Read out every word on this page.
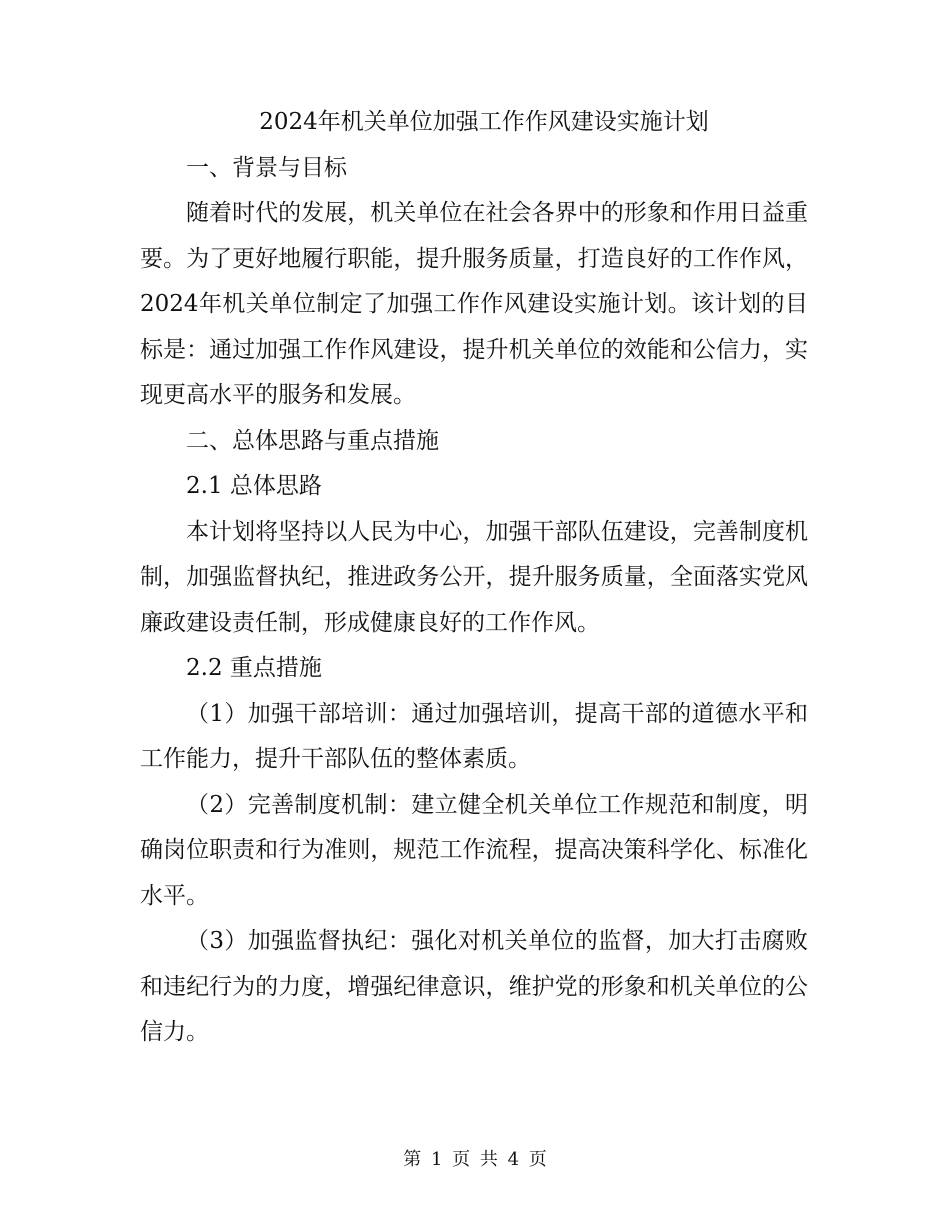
2024年机关单位加强工作作风建设实施计划

一、背景与目标

随着时代的发展，机关单位在社会各界中的形象和作用日益重要。为了更好地履行职能，提升服务质量，打造良好的工作作风，2024年机关单位制定了加强工作作风建设实施计划。该计划的目标是：通过加强工作作风建设，提升机关单位的效能和公信力，实现更高水平的服务和发展。

二、总体思路与重点措施

2.1 总体思路

本计划将坚持以人民为中心，加强干部队伍建设，完善制度机制，加强监督执纪，推进政务公开，提升服务质量，全面落实党风廉政建设责任制，形成健康良好的工作作风。

2.2 重点措施

（1）加强干部培训：通过加强培训，提高干部的道德水平和工作能力，提升干部队伍的整体素质。

（2）完善制度机制：建立健全机关单位工作规范和制度，明确岗位职责和行为准则，规范工作流程，提高决策科学化、标准化水平。

（3）加强监督执纪：强化对机关单位的监督，加大打击腐败和违纪行为的力度，增强纪律意识，维护党的形象和机关单位的公信力。

第 1 页 共 4 页
